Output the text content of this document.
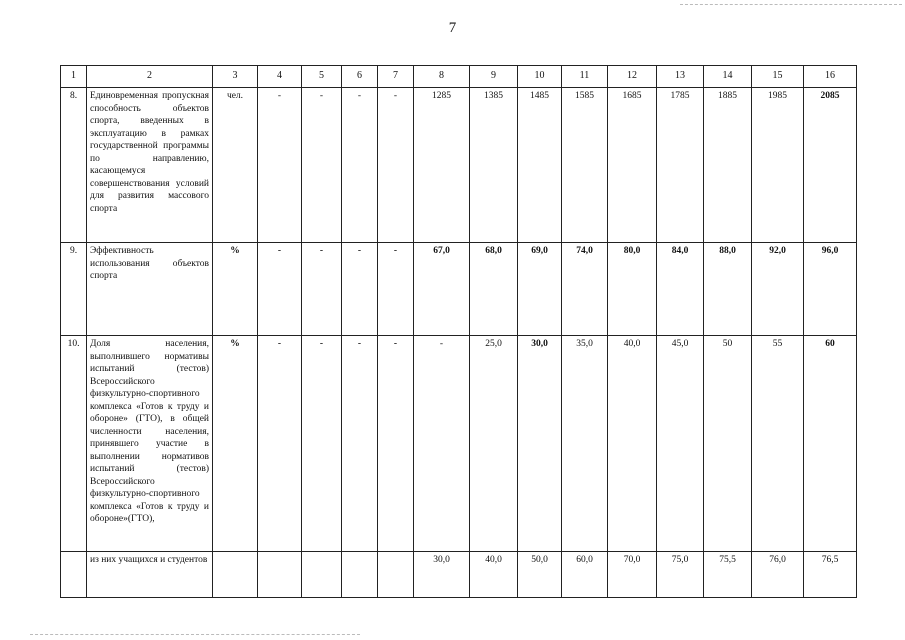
7
1	2	3	4	5	6	7	8	9	10	11	12	13	14	15	16
8.	Единовременная пропускная способность объектов спорта, введенных в эксплуатацию в рамках государственной программы по направлению, касающемуся совершенствования условий для развития массового спорта	чел.	-	-	-	-	1285	1385	1485	1585	1685	1785	1885	1985	2085
9.	Эффективность использования объектов спорта	%	-	-	-	-	67,0	68,0	69,0	74,0	80,0	84,0	88,0	92,0	96,0
10.	Доля населения, выполнившего нормативы испытаний (тестов) Всероссийского физкультурно-спортивного комплекса «Готов к труду и обороне» (ГТО), в общей численности населения, принявшего участие в выполнении нормативов испытаний (тестов) Всероссийского физкультурно-спортивного комплекса «Готов к труду и обороне»(ГТО),	%	-	-	-	-	-	25,0	30,0	35,0	40,0	45,0	50	55	60
	из них учащихся и студентов						30,0	40,0	50,0	60,0	70,0	75,0	75,5	76,0	76,5
